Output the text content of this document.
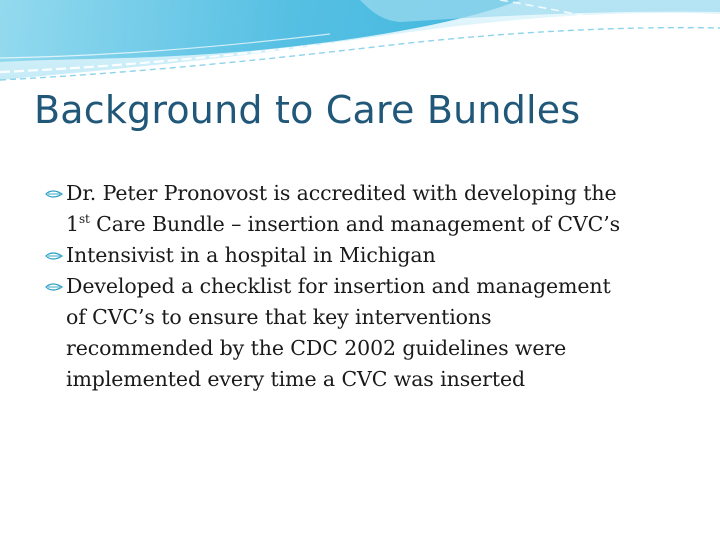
Background to Care Bundles
Dr. Peter Pronovost is accredited with developing the
1st Care Bundle – insertion and management of CVC’s
Intensivist in a hospital in Michigan
Developed a checklist for insertion and management
of CVC’s to ensure that key interventions
recommended by the CDC 2002 guidelines were
implemented every time a CVC was inserted
